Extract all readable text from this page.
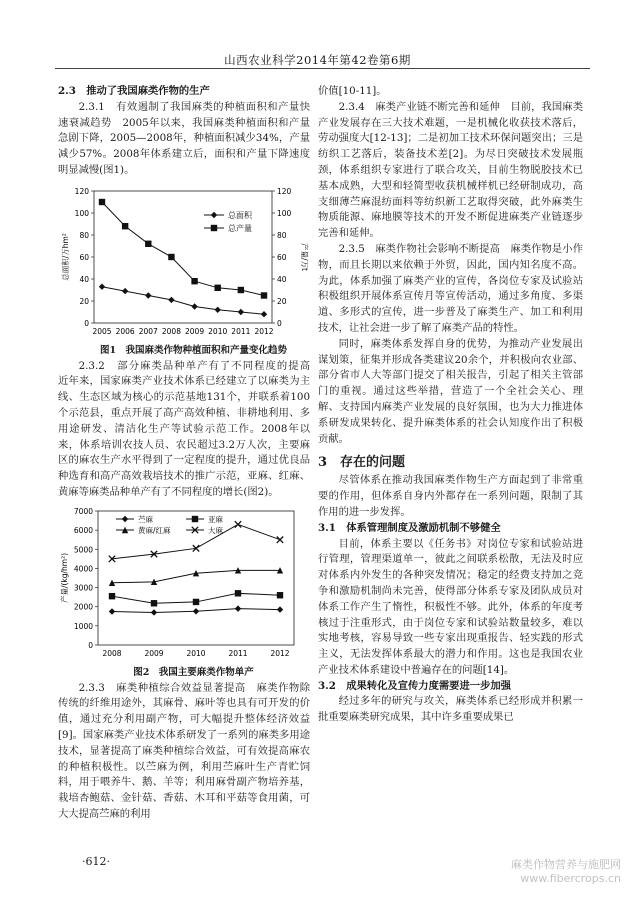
山西农业科学2014年第42卷第6期

2.3　推动了我国麻类作物的生产

2.3.1　有效遏制了我国麻类的种植面积和产量快速衰减趋势　2005年以来，我国麻类种植面积和产量急剧下降，2005—2008年，种植面积减少34%，产量减少57%。2008年体系建立后，面积和产量下降速度明显减慢(图1)。

0
20
40
60
80
100
120
0
20
40
60
80
100
120
2005 2006 2007 2008 2009 2010 2011 2012
总面积/万hm²	产量/万t
总面积
总产量

图1　我国麻类作物种植面积和产量变化趋势

2.3.2　部分麻类品种单产有了不同程度的提高　近年来，国家麻类产业技术体系已经建立了以麻类为主线、生态区域为核心的示范基地131个，并联系着100个示范县，重点开展了高产高效种植、非耕地利用、多用途研发、清洁化生产等试验示范工作。2008年以来，体系培训农技人员、农民超过3.2万人次，主要麻区的麻农生产水平得到了一定程度的提升，通过优良品种选育和高产高效栽培技术的推广示范，亚麻、红麻、黄麻等麻类品种单产有了不同程度的增长(图2)。

0
1000
2000
3000
4000
5000
6000
7000
2008	2009	2010	2011	2012
产量/(kg/hm²)
苎麻	亚麻
黄麻/红麻	大麻

图2　我国主要麻类作物单产

2.3.3　麻类种植综合效益显著提高　麻类作物除传统的纤维用途外，其麻骨、麻叶等也具有可开发的价值，通过充分利用副产物，可大幅提升整体经济效益[9]。国家麻类产业技术体系研发了一系列的麻类多用途技术，显著提高了麻类种植综合效益，可有效提高麻农的种植积极性。以苎麻为例，利用苎麻叶生产青贮饲料，用于喂养牛、鹅、羊等；利用麻骨副产物培养基，栽培杏鲍菇、金针菇、香菇、木耳和平菇等食用菌，可大大提高苎麻的利用

价值[10-11]。

2.3.4　麻类产业链不断完善和延伸　目前，我国麻类产业发展存在三大技术难题，一是机械化收获技术落后，劳动强度大[12-13]；二是初加工技术环保问题突出；三是纺织工艺落后，装备技术差[2]。为尽日突破技术发展瓶颈，体系组织专家进行了联合攻关，目前生物脱胶技术已基本成熟，大型和轻简型收获机械样机已经研制成功，高支细薄苎麻混纺面料等纺织新工艺取得突破，此外麻类生物质能源、麻地膜等技术的开发不断促进麻类产业链逐步完善和延伸。

2.3.5　麻类作物社会影响不断提高　麻类作物是小作物，而且长期以来依赖于外贸，因此，国内知名度不高。为此，体系加强了麻类产业的宣传，各岗位专家及试验站积极组织开展体系宣传月等宣传活动，通过多角度、多渠道、多形式的宣传，进一步普及了麻类生产、加工和利用技术，让社会进一步了解了麻类产品的特性。

同时，麻类体系发挥自身的优势，为推动产业发展出谋划策，征集并形成各类建议20余个，并积极向农业部、部分省市人大等部门提交了相关报告，引起了相关主管部门的重视。通过这些举措，营造了一个全社会关心、理解、支持国内麻类产业发展的良好氛围，也为大力推进体系研发成果转化、提升麻类体系的社会认知度作出了积极贡献。

3　存在的问题

尽管体系在推动我国麻类作物生产方面起到了非常重要的作用，但体系自身内外都存在一系列问题，限制了其作用的进一步发挥。

3.1　体系管理制度及激励机制不够健全

目前，体系主要以《任务书》对岗位专家和试验站进行管理，管理渠道单一，彼此之间联系松散，无法及时应对体系内外发生的各种突发情况；稳定的经费支持加之竞争和激励机制尚未完善，使得部分体系专家及团队成员对体系工作产生了惰性，积极性不够。此外，体系的年度考核过于注重形式，由于岗位专家和试验站数量较多，难以实地考核，容易导致一些专家出现重报告、轻实践的形式主义，无法发挥体系最大的潜力和作用。这也是我国农业产业技术体系建设中普遍存在的问题[14]。

3.2　成果转化及宣传力度需要进一步加强

经过多年的研究与攻关，麻类体系已经形成并积累一批重要麻类研究成果，其中许多重要成果已

·612·	麻类作物营养与施肥网
www.fibercrops.cn
